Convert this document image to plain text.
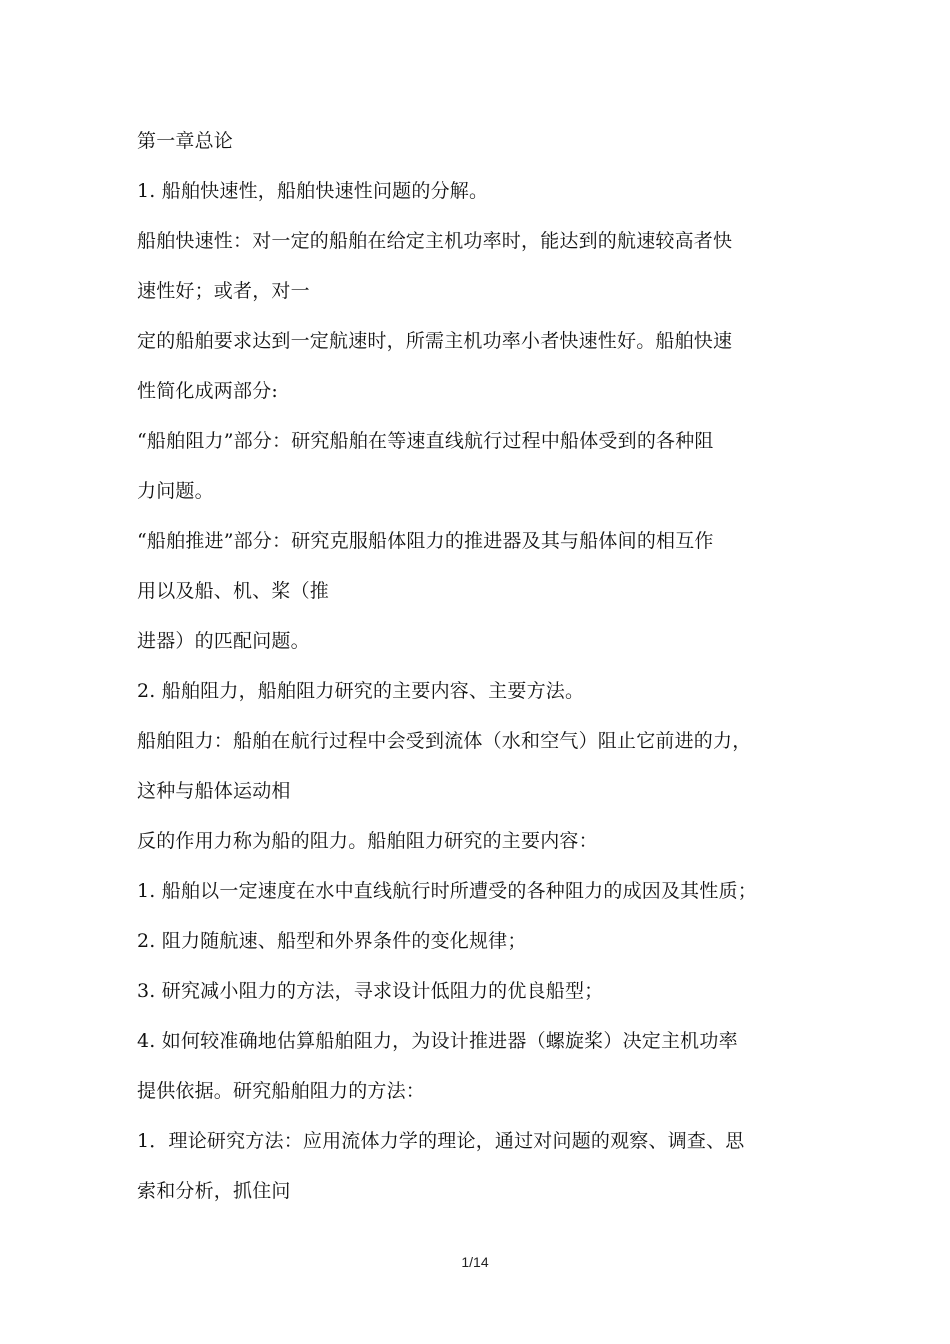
第一章总论
1. 船舶快速性，船舶快速性问题的分解。
船舶快速性：对一定的船舶在给定主机功率时，能达到的航速较高者快
速性好；或者，对一
定的船舶要求达到一定航速时，所需主机功率小者快速性好。船舶快速
性简化成两部分:
“船舶阻力”部分：研究船舶在等速直线航行过程中船体受到的各种阻
力问题。
“船舶推进”部分：研究克服船体阻力的推进器及其与船体间的相互作
用以及船、机、桨（推
进器）的匹配问题。
2. 船舶阻力，船舶阻力研究的主要内容、主要方法。
船舶阻力：船舶在航行过程中会受到流体（水和空气）阻止它前进的力，
这种与船体运动相
反的作用力称为船的阻力。船舶阻力研究的主要内容：
1. 船舶以一定速度在水中直线航行时所遭受的各种阻力的成因及其性质；
2. 阻力随航速、船型和外界条件的变化规律；
3. 研究减小阻力的方法，寻求设计低阻力的优良船型；
4. 如何较准确地估算船舶阻力，为设计推进器（螺旋桨）决定主机功率
提供依据。研究船舶阻力的方法：
1．理论研究方法：应用流体力学的理论，通过对问题的观察、调查、思
索和分析，抓住问
1/14
